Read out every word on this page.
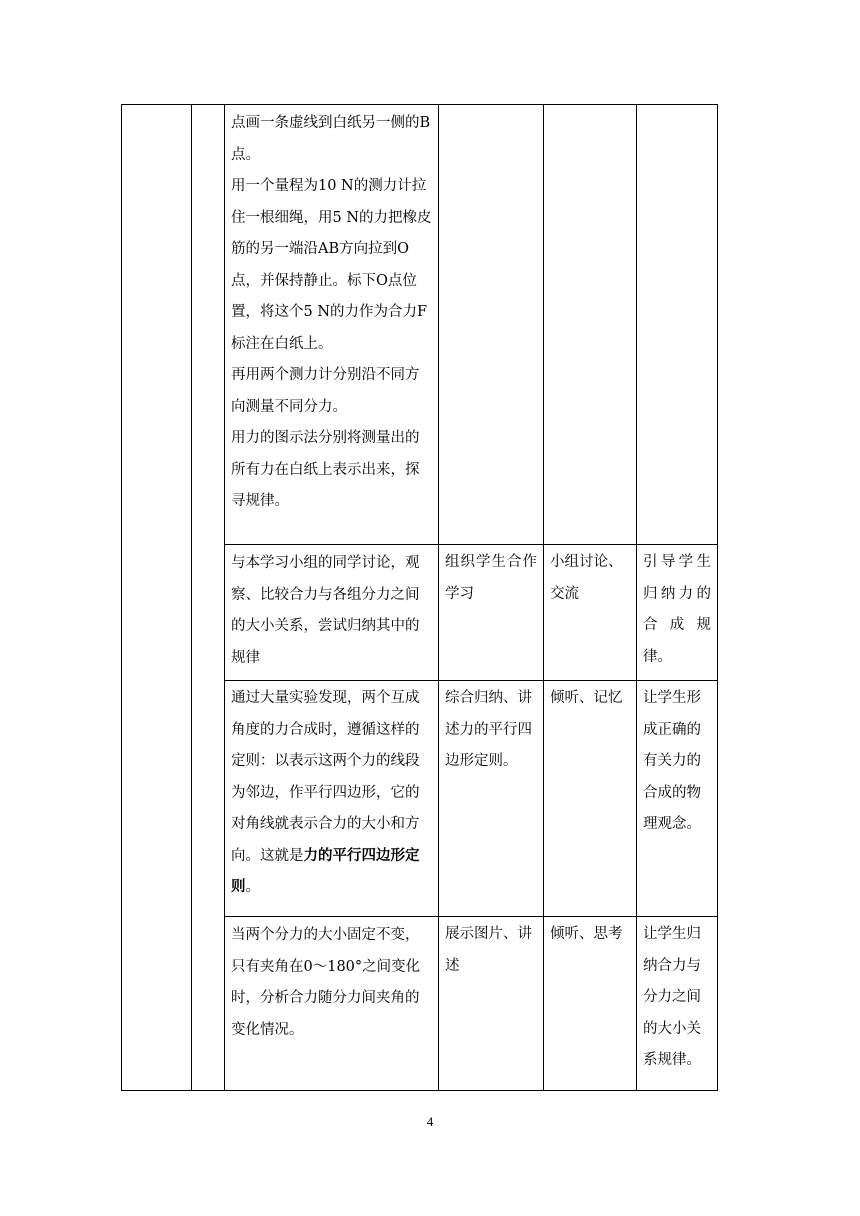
		点画一条虚线到白纸另一侧的B点。
用一个量程为10 N的测力计拉住一根细绳，用5 N的力把橡皮筋的另一端沿AB方向拉到O点，并保持静止。标下O点位置，将这个5 N的力作为合力F标注在白纸上。
再用两个测力计分别沿不同方向测量不同分力。
用力的图示法分别将测量出的所有力在白纸上表示出来，探寻规律。			

		与本学习小组的同学讨论，观察、比较合力与各组分力之间的大小关系，尝试归纳其中的规律	组织学生合作学习	小组讨论、交流	引导学生归纳力的合成规律。
		通过大量实验发现，两个互成角度的力合成时，遵循这样的定则：以表示这两个力的线段为邻边，作平行四边形，它的对角线就表示合力的大小和方向。这就是力的平行四边形定则。	综合归纳、讲述力的平行四边形定则。	倾听、记忆	让学生形成正确的有关力的合成的物理观念。

		当两个分力的大小固定不变，只有夹角在0～180°之间变化时，分析合力随分力间夹角的变化情况。	展示图片、讲述	倾听、思考	让学生归纳合力与分力之间的大小关系规律。
4
